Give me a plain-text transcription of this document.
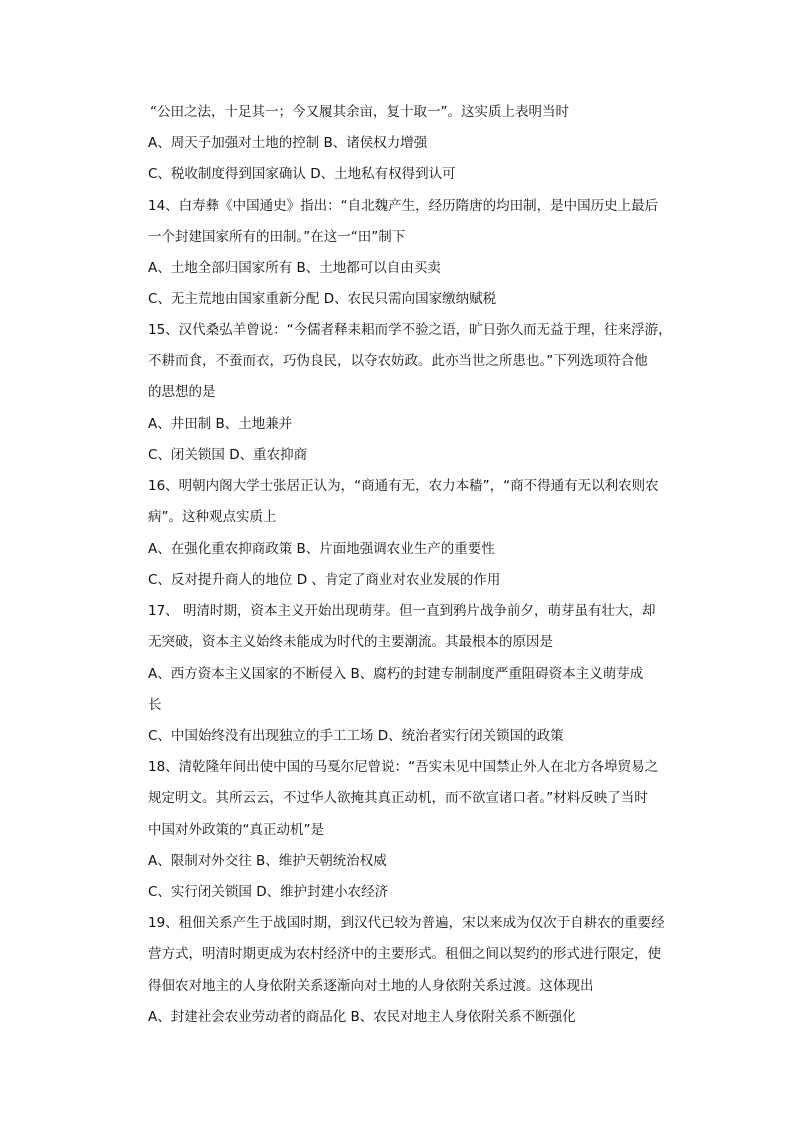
“公田之法，十足其一；今又履其余亩，复十取一”。这实质上表明当时
A、周天子加强对土地的控制 B、诸侯权力增强
C、税收制度得到国家确认 D、土地私有权得到认可
14、白寿彝《中国通史》指出：“自北魏产生，经历隋唐的均田制，是中国历史上最后
一个封建国家所有的田制。”在这一“田”制下
A、土地全部归国家所有 B、土地都可以自由买卖
C、无主荒地由国家重新分配 D、农民只需向国家缴纳赋税
15、汉代桑弘羊曾说：“今儒者释耒耜而学不验之语，旷日弥久而无益于理，往来浮游，
不耕而食，不蚕而衣，巧伪良民，以夺农妨政。此亦当世之所患也。”下列选项符合他
的思想的是
A、井田制 B、土地兼并
C、闭关锁国 D、重农抑商
16、明朝内阁大学士张居正认为，“商通有无，农力本穑”，“商不得通有无以利农则农
病”。这种观点实质上
A、在强化重农抑商政策 B、片面地强调农业生产的重要性
C、反对提升商人的地位 D 、肯定了商业对农业发展的作用
17、 明清时期，资本主义开始出现萌芽。但一直到鸦片战争前夕，萌芽虽有壮大，却
无突破，资本主义始终未能成为时代的主要潮流。其最根本的原因是
A、西方资本主义国家的不断侵入 B、腐朽的封建专制制度严重阻碍资本主义萌芽成
长
C、中国始终没有出现独立的手工工场 D、统治者实行闭关锁国的政策
18、清乾隆年间出使中国的马戛尔尼曾说：“吾实未见中国禁止外人在北方各埠贸易之
规定明文。其所云云，不过华人欲掩其真正动机，而不欲宣诸口者。”材料反映了当时
中国对外政策的“真正动机”是
A、限制对外交往 B、维护天朝统治权威
C、实行闭关锁国 D、维护封建小农经济
19、租佃关系产生于战国时期，到汉代已较为普遍，宋以来成为仅次于自耕农的重要经
营方式，明清时期更成为农村经济中的主要形式。租佃之间以契约的形式进行限定，使
得佃农对地主的人身依附关系逐渐向对土地的人身依附关系过渡。这体现出
A、封建社会农业劳动者的商品化 B、农民对地主人身依附关系不断强化
